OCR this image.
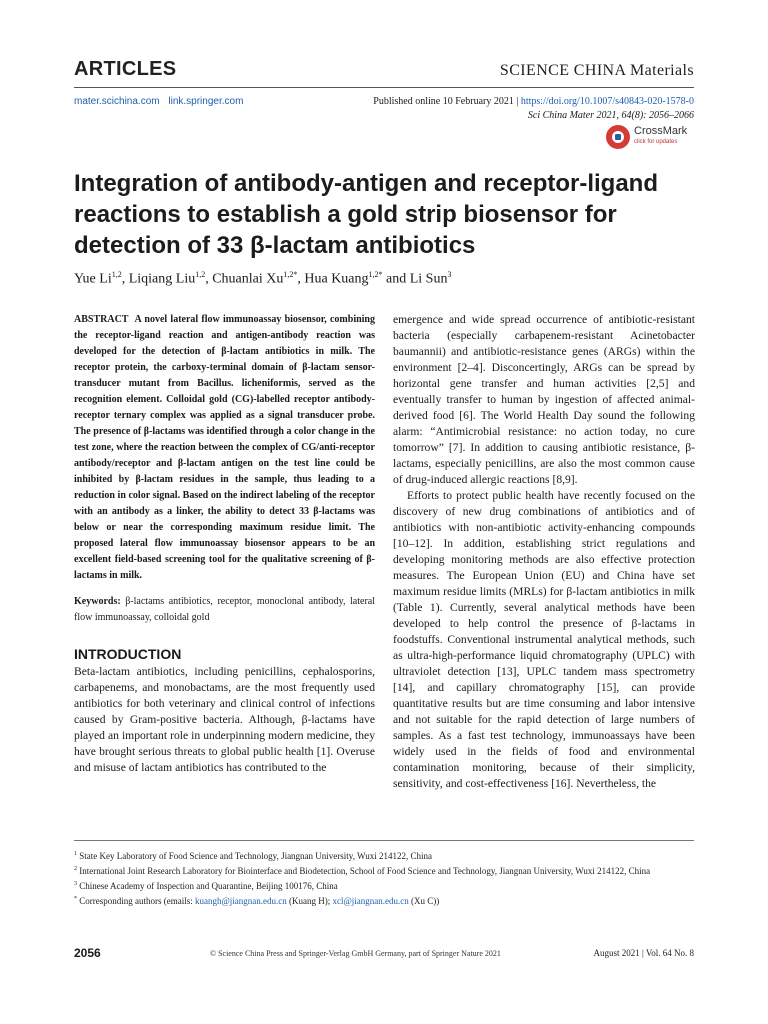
ARTICLES	SCIENCE CHINA Materials
mater.scichina.com link.springer.com	Published online 10 February 2021 | https://doi.org/10.1007/s40843-020-1578-0
Sci China Mater 2021, 64(8): 2056–2066
CrossMark
click for updates
Integration of antibody-antigen and receptor-ligand reactions to establish a gold strip biosensor for detection of 33 β-lactam antibiotics
Yue Li$^{1,2}$, Liqiang Liu$^{1,2}$, Chuanlai $Xu^{1,2*}$, Hua Kuang$^{1,2*}$ and Li Sun$^3$

ABSTRACT A novel lateral flow immunoassay biosensor, combining the receptor-ligand reaction and antigen-antibody reaction was developed for the detection of β-lactam antibiotics in milk. The receptor protein, the carboxy-terminal domain of β-lactam sensor-transducer mutant from Bacillus. licheniformis, served as the recognition element. Colloidal gold (CG)-labelled receptor antibody-receptor ternary complex was applied as a signal transducer probe. The presence of β-lactams was identified through a color change in the test zone, where the reaction between the complex of CG/anti-receptor antibody/receptor and β-lactam antigen on the test line could be inhibited by β-lactam residues in the sample, thus leading to a reduction in color signal. Based on the indirect labeling of the receptor with an antibody as a linker, the ability to detect 33 β-lactams was below or near the corresponding maximum residue limit. The proposed lateral flow immunoassay biosensor appears to be an excellent field-based screening tool for the qualitative screening of β-lactams in milk.

Keywords: β-lactams antibiotics, receptor, monoclonal antibody, lateral flow immunoassay, colloidal gold
INTRODUCTION

Beta-lactam antibiotics, including penicillins, cephalosporins, carbapenems, and monobactams, are the most frequently used antibiotics for both veterinary and clinical control of infections caused by Gram-positive bacteria. Although, β-lactams have played an important role in underpinning modern medicine, they have brought serious threats to global public health [1]. Overuse and misuse of lactam antibiotics has contributed to the

emergence and wide spread occurrence of antibiotic-resistant bacteria (especially carbapenem-resistant Acinetobacter baumannii) and antibiotic-resistance genes (ARGs) within the environment [2–4]. Disconcertingly, ARGs can be spread by horizontal gene transfer and human activities [2,5] and eventually transfer to human by ingestion of affected animal-derived food [6]. The World Health Day sound the following alarm: “Antimicrobial resistance: no action today, no cure tomorrow” [7]. In addition to causing antibiotic resistance, β-lactams, especially penicillins, are also the most common cause of drug-induced allergic reactions [8,9].

Efforts to protect public health have recently focused on the discovery of new drug combinations of antibiotics and of antibiotics with non-antibiotic activity-enhancing compounds [10–12]. In addition, establishing strict regulations and developing monitoring methods are also effective protection measures. The European Union (EU) and China have set maximum residue limits (MRLs) for β-lactam antibiotics in milk (Table 1). Currently, several analytical methods have been developed to help control the presence of β-lactams in foodstuffs. Conventional instrumental analytical methods, such as ultra-high-performance liquid chromatography (UPLC) with ultraviolet detection [13], UPLC tandem mass spectrometry [14], and capillary chromatography [15], can provide quantitative results but are time consuming and labor intensive and not suitable for the rapid detection of large numbers of samples. As a fast test technology, immunoassays have been widely used in the fields of food and environmental contamination monitoring, because of their simplicity, sensitivity, and cost-effectiveness [16]. Nevertheless, the

$^1$ State Key Laboratory of Food Science and Technology, Jiangnan University, Wuxi 214122, China
$^2$ International Joint Research Laboratory for Biointerface and Biodetection, School of Food Science and Technology, Jiangnan University, Wuxi 214122, China
$^3$ Chinese Academy of Inspection and Quarantine, Beijing 100176, China
* Corresponding authors (emails: kuangh@jiangnan.edu.cn (Kuang H); xcl@jiangnan.edu.cn (Xu C))
2056	© Science China Press and Springer-Verlag GmbH Germany, part of Springer Nature 2021	August 2021 | Vol. 64 No. 8
